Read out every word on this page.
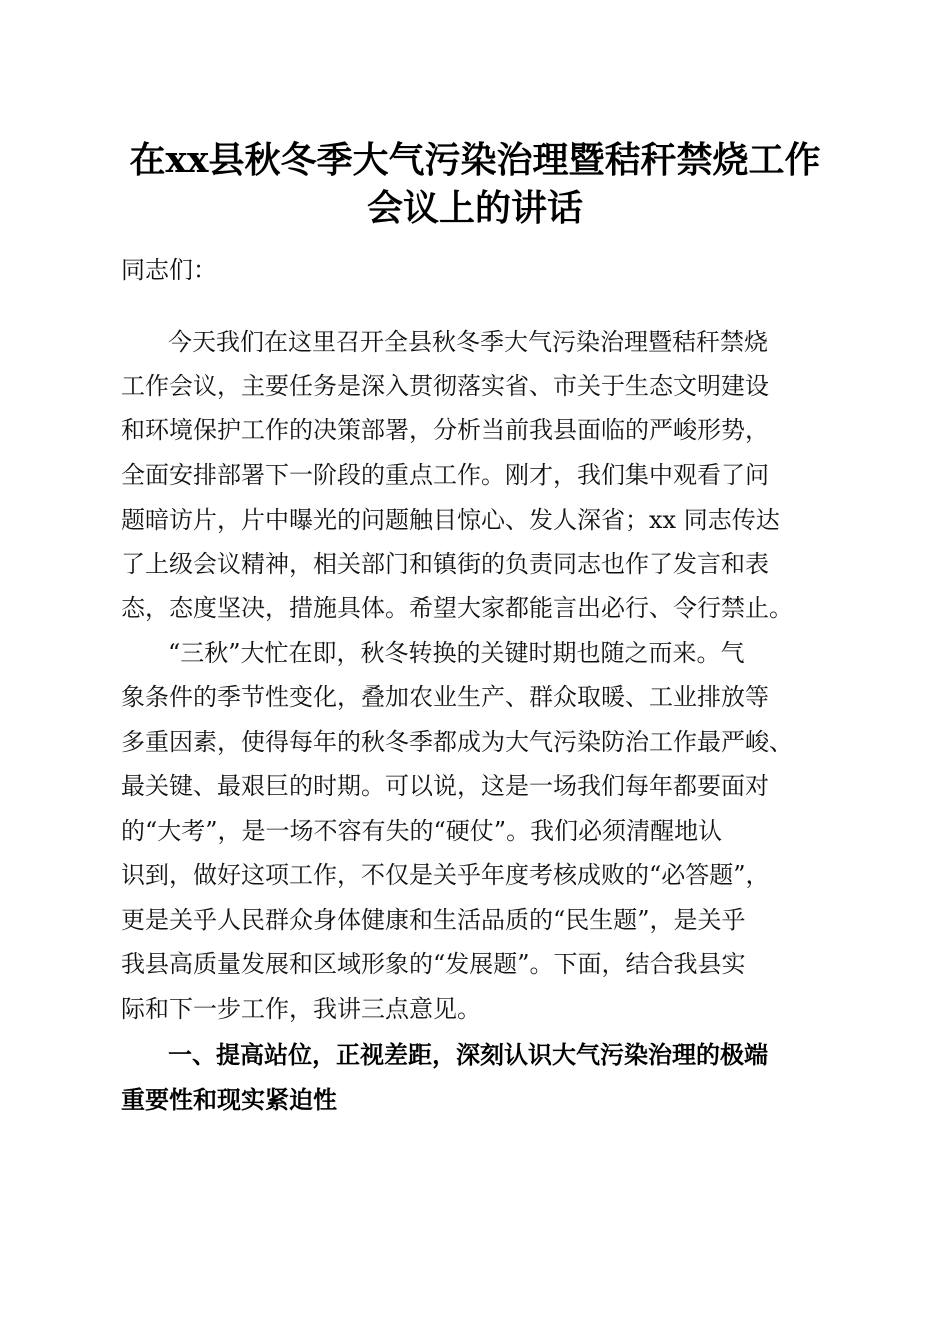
在xx县秋冬季大气污染治理暨秸秆禁烧工作
会议上的讲话
同志们：
今天我们在这里召开全县秋冬季大气污染治理暨秸秆禁烧
工作会议，主要任务是深入贯彻落实省、市关于生态文明建设
和环境保护工作的决策部署，分析当前我县面临的严峻形势，
全面安排部署下一阶段的重点工作。刚才，我们集中观看了问
题暗访片，片中曝光的问题触目惊心、发人深省；xx 同志传达
了上级会议精神，相关部门和镇街的负责同志也作了发言和表
态，态度坚决，措施具体。希望大家都能言出必行、令行禁止。
“三秋”大忙在即，秋冬转换的关键时期也随之而来。气
象条件的季节性变化，叠加农业生产、群众取暖、工业排放等
多重因素，使得每年的秋冬季都成为大气污染防治工作最严峻、
最关键、最艰巨的时期。可以说，这是一场我们每年都要面对
的“大考”，是一场不容有失的“硬仗”。我们必须清醒地认
识到，做好这项工作，不仅是关乎年度考核成败的“必答题”，
更是关乎人民群众身体健康和生活品质的“民生题”，是关乎
我县高质量发展和区域形象的“发展题”。下面，结合我县实
际和下一步工作，我讲三点意见。
一、提高站位，正视差距，深刻认识大气污染治理的极端
重要性和现实紧迫性
